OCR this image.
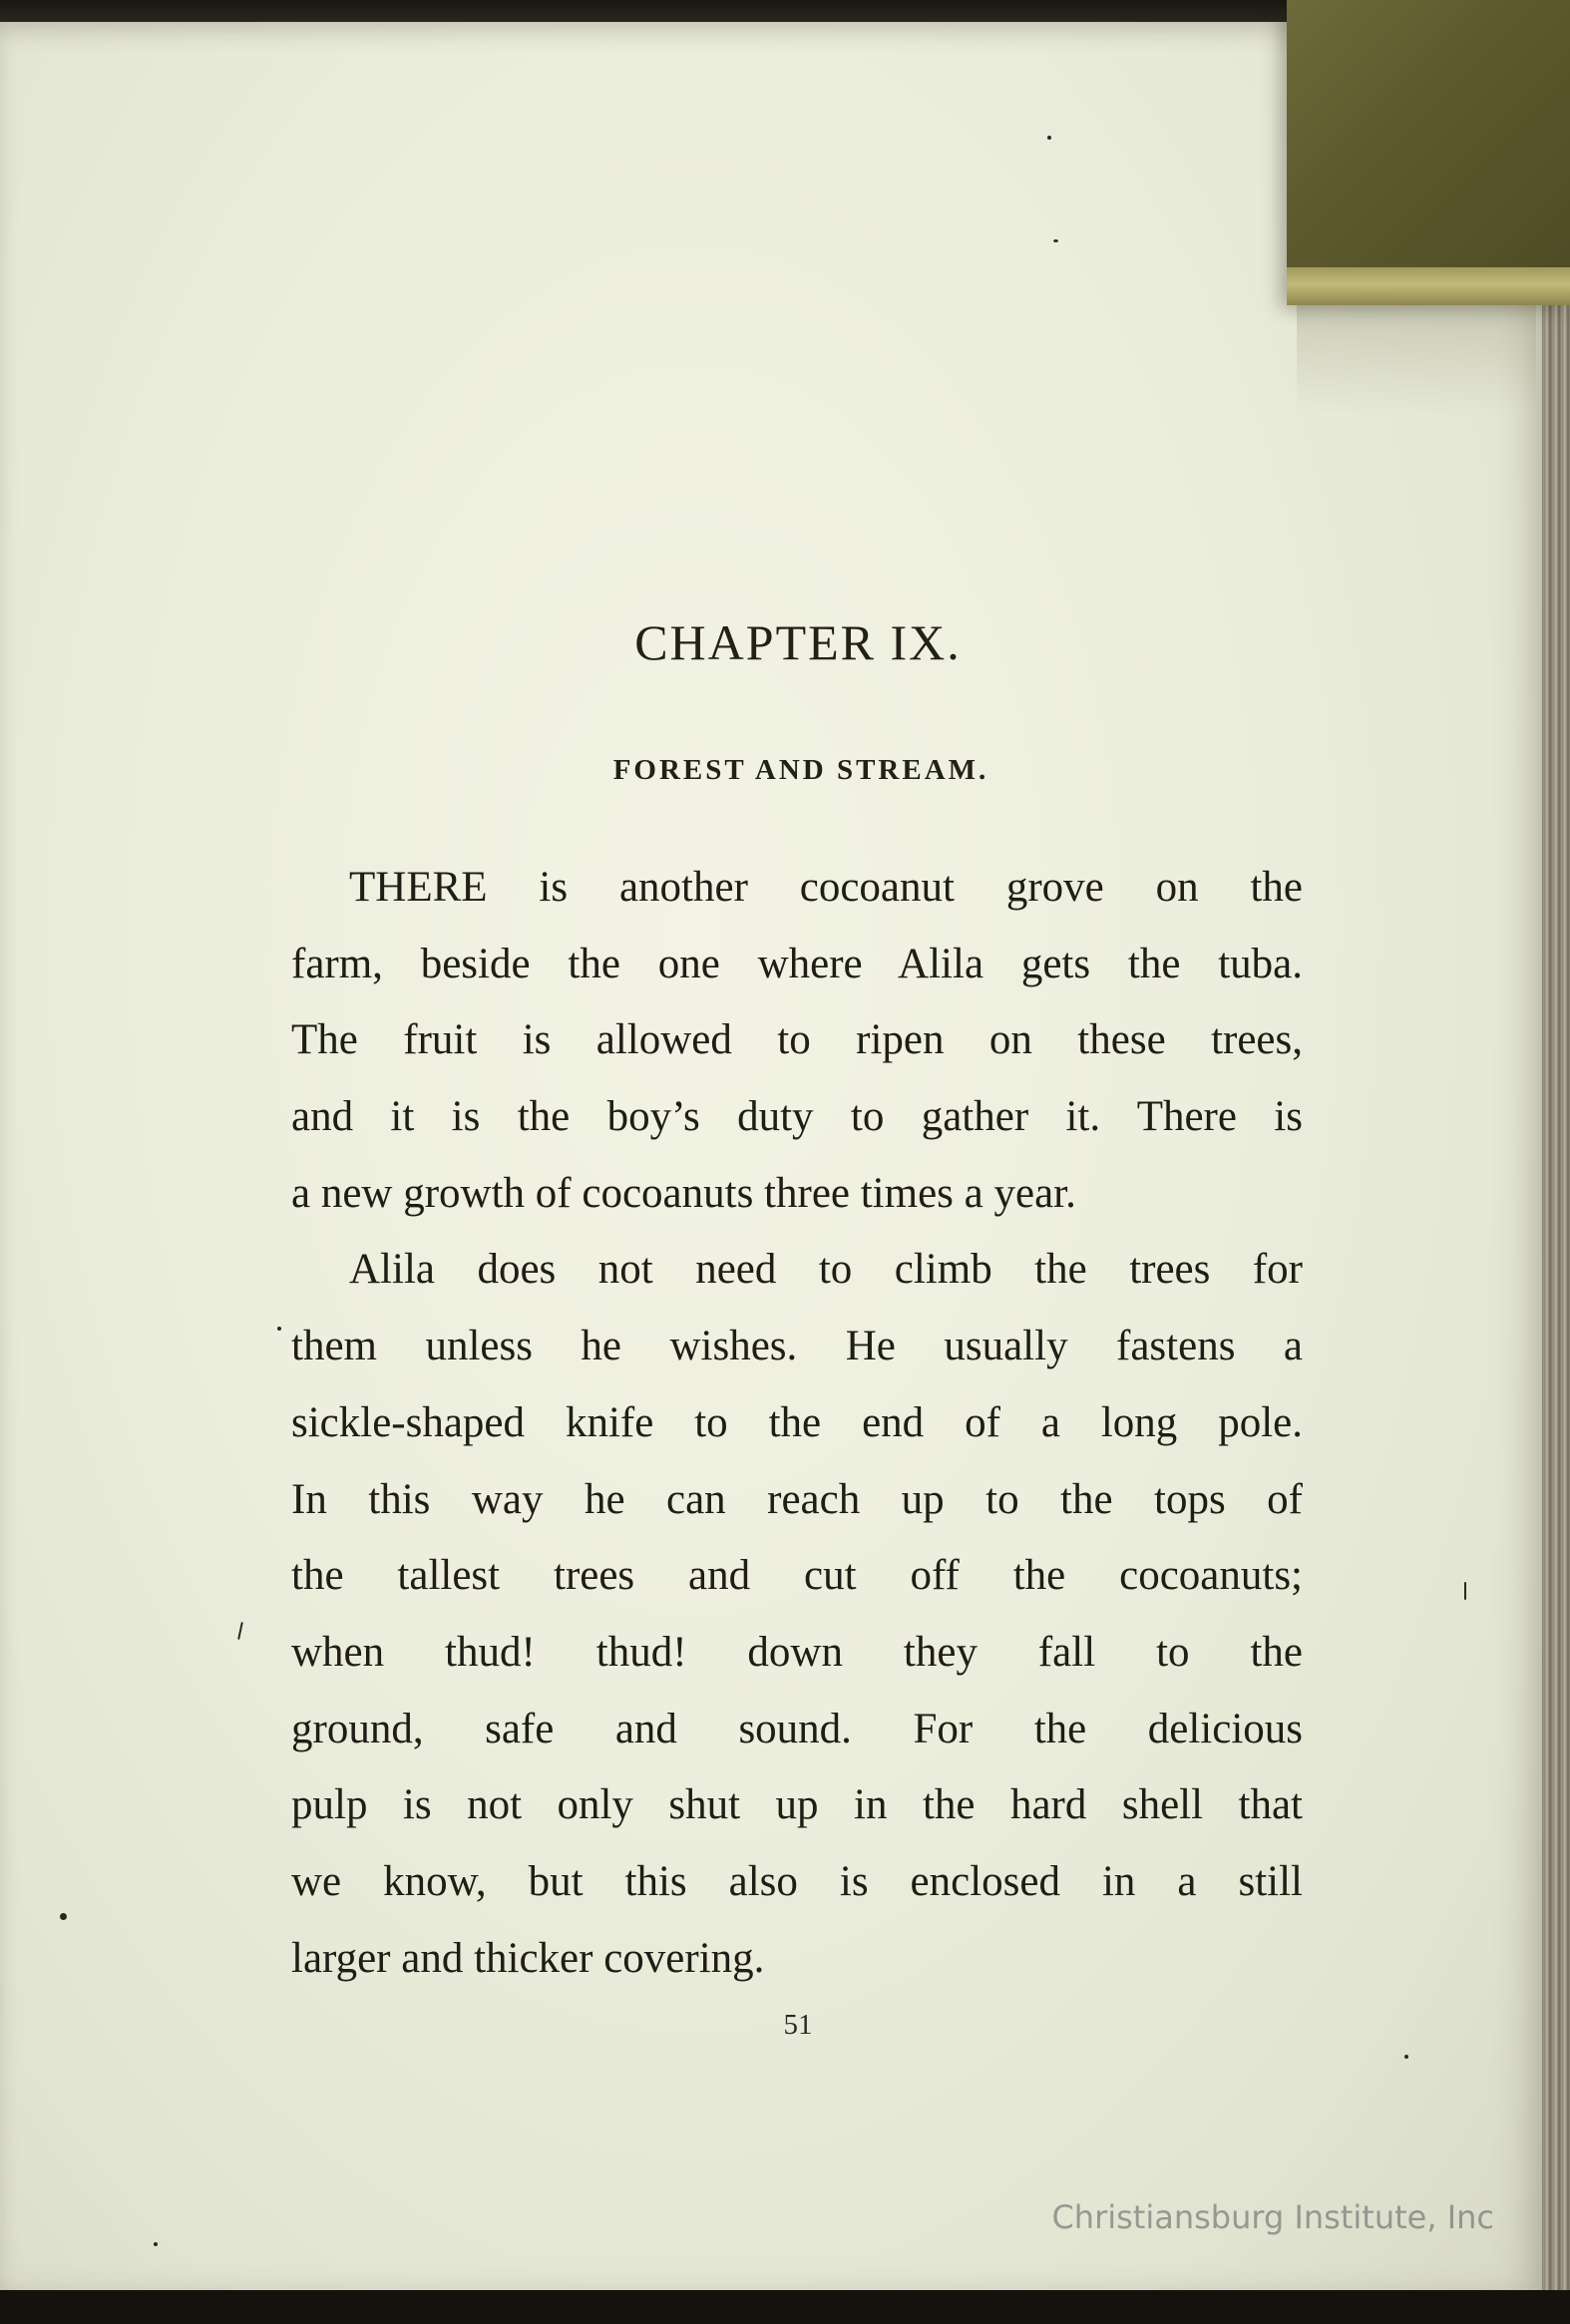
CHAPTER IX.
FOREST AND STREAM.
THERE is another cocoanut grove on the
farm, beside the one where Alila gets the tuba.
The fruit is allowed to ripen on these trees,
and it is the boy’s duty to gather it. There is
a new growth of cocoanuts three times a year.
Alila does not need to climb the trees for
them unless he wishes. He usually fastens a
sickle-shaped knife to the end of a long pole.
In this way he can reach up to the tops of
the tallest trees and cut off the cocoanuts;
when thud! thud! down they fall to the
ground, safe and sound. For the delicious
pulp is not only shut up in the hard shell that
we know, but this also is enclosed in a still
larger and thicker covering.
51
Christiansburg Institute, Inc
